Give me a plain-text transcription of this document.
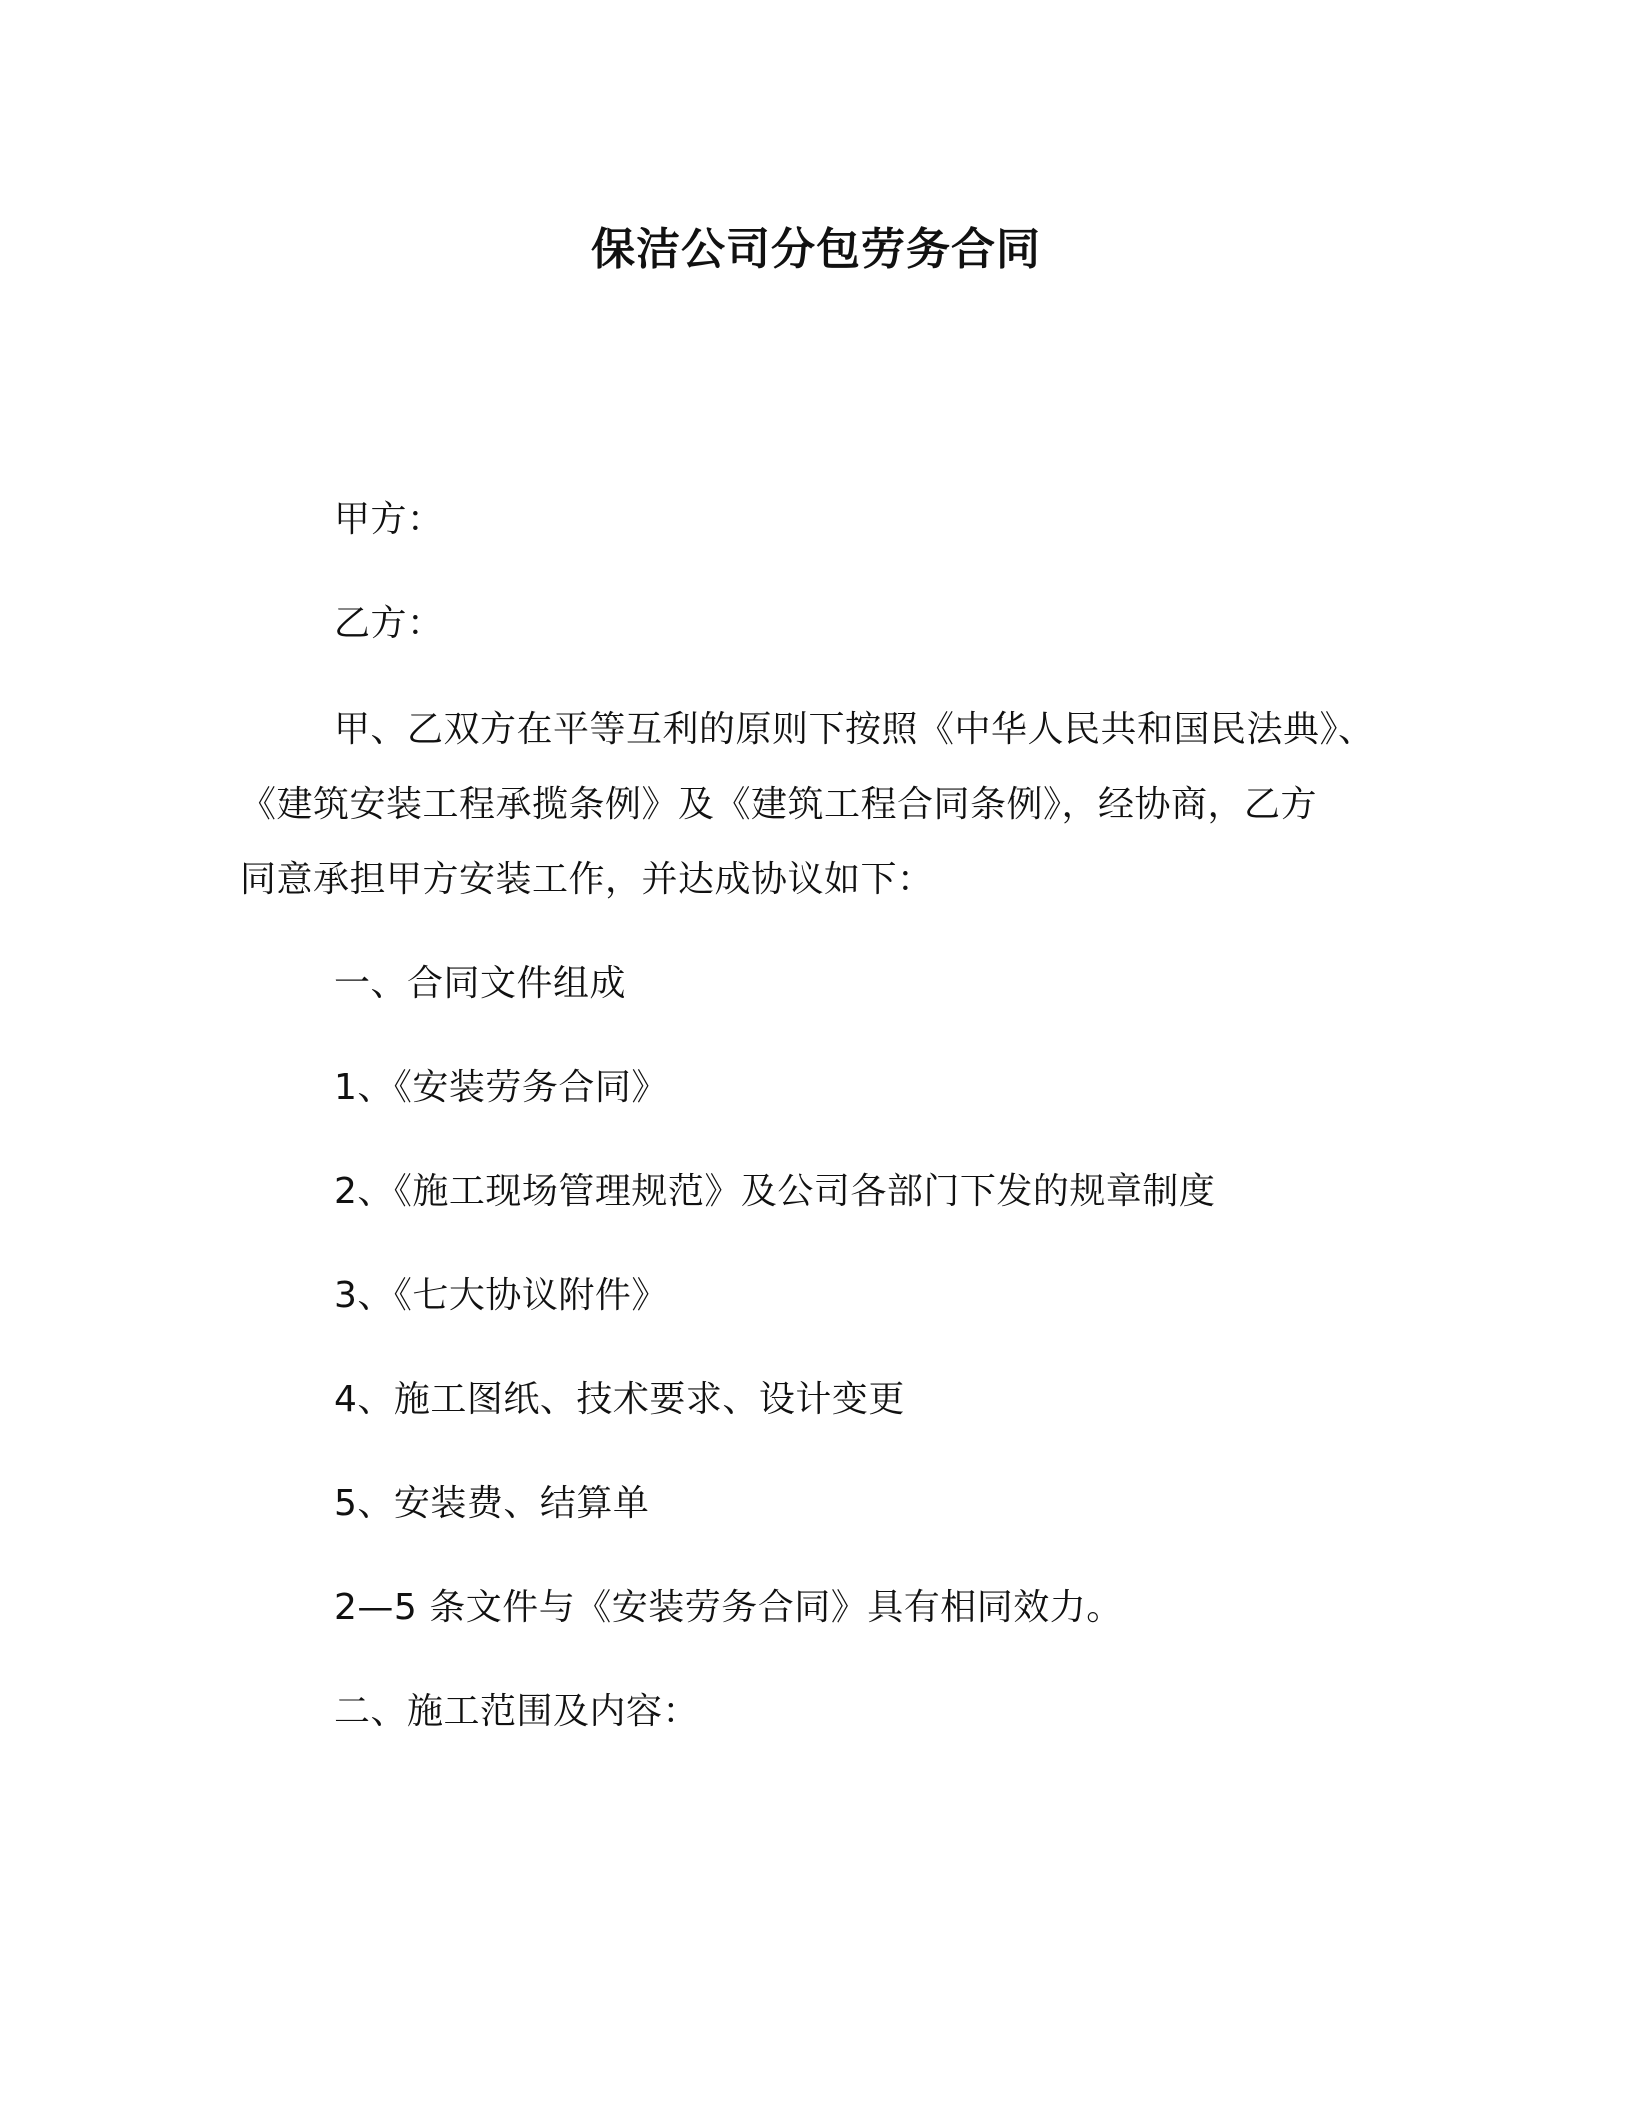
保洁公司分包劳务合同
甲方：
乙方：
甲、乙双方在平等互利的原则下按照《中华人民共和国民法典》、
《建筑安装工程承揽条例》及《建筑工程合同条例》，经协商，乙方
同意承担甲方安装工作，并达成协议如下：
一、合同文件组成
1、《安装劳务合同》
2、《施工现场管理规范》及公司各部门下发的规章制度
3、《七大协议附件》
4、施工图纸、技术要求、设计变更
5、安装费、结算单
2—5 条文件与《安装劳务合同》具有相同效力。
二、施工范围及内容：
